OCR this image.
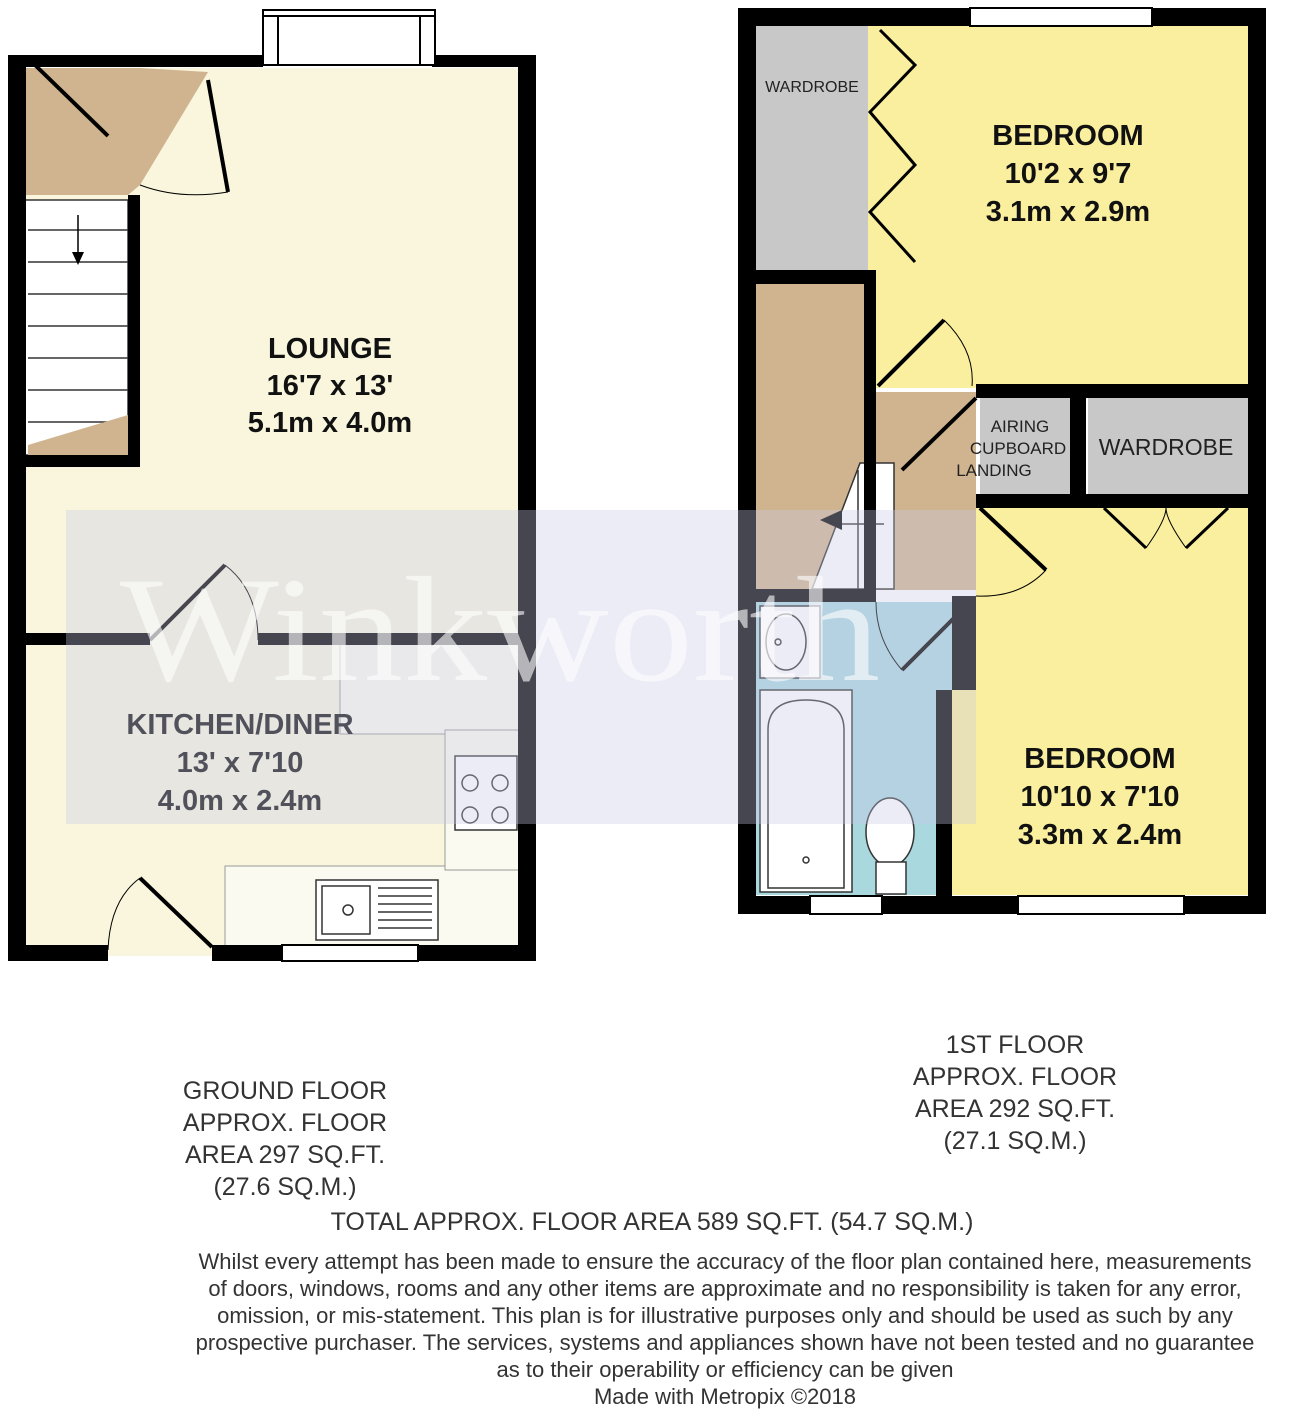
LOUNGE
16'7 x 13'
5.1m x 4.0m
KITCHEN/DINER
13' x 7'10
4.0m x 2.4m
BEDROOM
10'2 x 9'7
3.1m x 2.9m
BEDROOM
10'10 x 7'10
3.3m x 2.4m
WARDROBE
WARDROBE
AIRING
CUPBOARD
LANDING
Winkworth
GROUND FLOOR
APPROX. FLOOR
AREA 297 SQ.FT.
(27.6 SQ.M.)
1ST FLOOR
APPROX. FLOOR
AREA 292 SQ.FT.
(27.1 SQ.M.)
TOTAL APPROX. FLOOR AREA 589 SQ.FT. (54.7 SQ.M.)
Whilst every attempt has been made to ensure the accuracy of the floor plan contained here, measurements
of doors, windows, rooms and any other items are approximate and no responsibility is taken for any error,
omission, or mis-statement. This plan is for illustrative purposes only and should be used as such by any
prospective purchaser. The services, systems and appliances shown have not been tested and no guarantee
as to their operability or efficiency can be given
Made with Metropix ©2018
